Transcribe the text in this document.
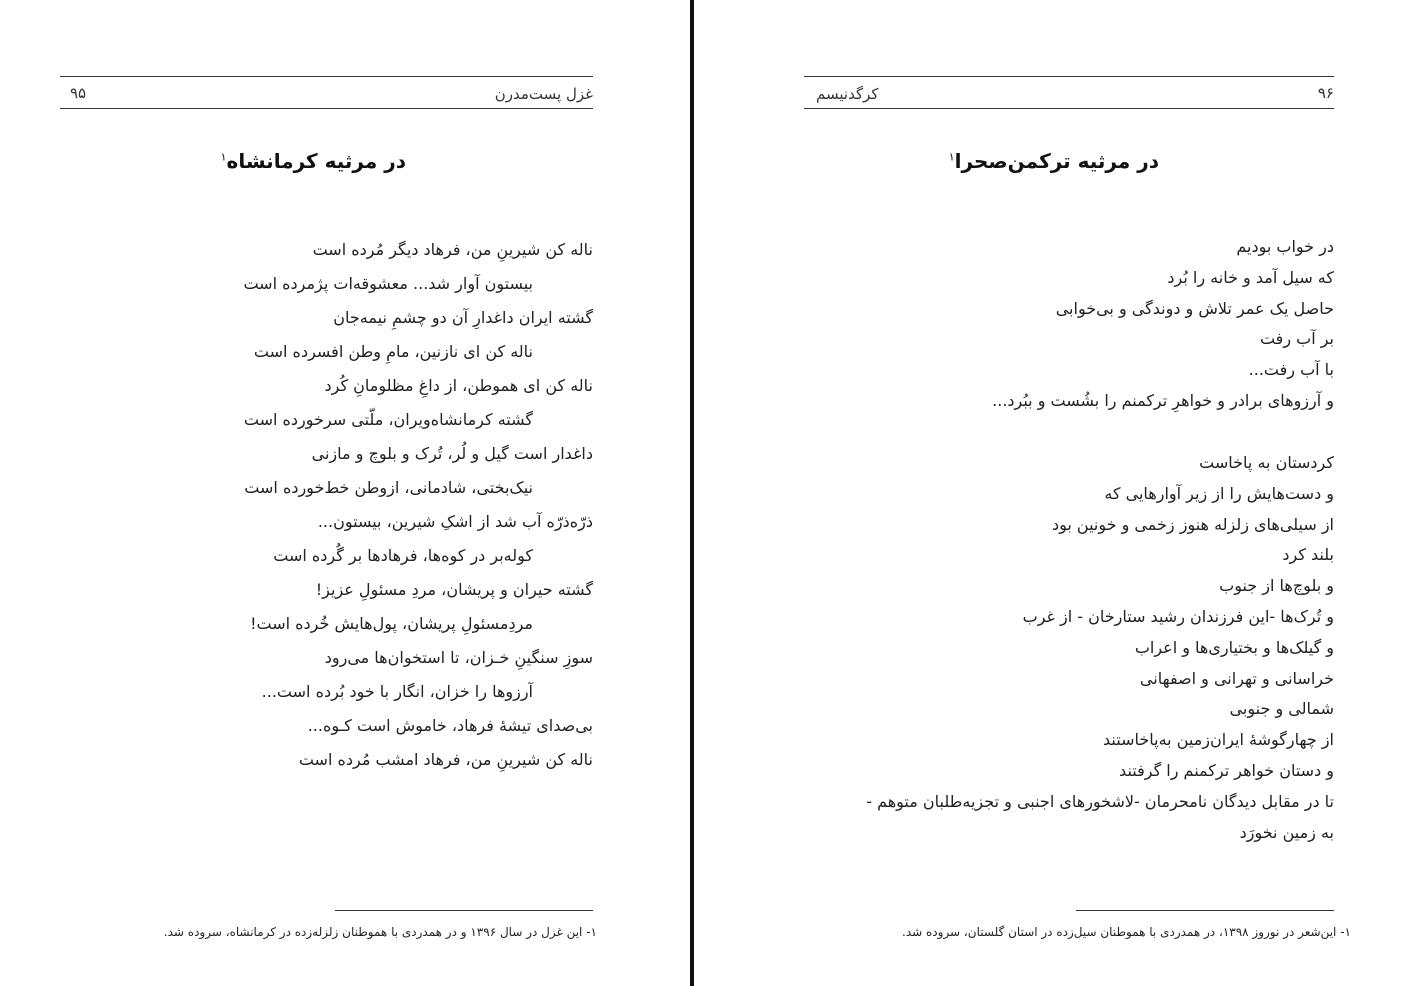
غزل پست‌مدرن
۹۵
در مرثیه کرمانشاه$^۱$
ناله کن شیرینِ من، فرهاد دیگر مُرده است
بیستون آوار شد... معشوقه‌ات پژمرده است
گشته ایران داغدارِ آن دو چشمِ نیمه‌جان
ناله کن ای نازنین، مامِ وطن افسرده است
ناله کن ای هموطن، از داغِ مظلومانِ کُرد
گشته کرمانشاه‌ویران، ملّتی سرخورده است
داغدار است گیل و لُر، تُرک و بلوچ و مازنی
نیک‌بختی، شادمانی، ازوطن خط‌خورده است
ذرّه‌ذرّه آب شد از اشکِ شیرین، بیستون...
کوله‌بر در کوه‌ها، فرهادها بر گُرده است
گشته حیران و پریشان، مردِ مسئولِ عزیز!
مردِمسئولِ پریشان، پول‌هایش خُرده است!
سوزِ سنگینِ خـزان، تا استخوان‌ها می‌رود
آرزوها را خزان، انگار با خود بُرده است...
بی‌صدای تیشهٔ فرهاد، خاموش است کـوه...
ناله کن شیرینِ من، فرهاد امشب مُرده است
۱- این غزل در سال ۱۳۹۶ و در همدردی با هموطنان زلزله‌زده در کرمانشاه، سروده شد.
کرگدنیسم	۹۶
در مرثیه ترکمن‌صحرا$^۱$
در خواب بودیم
که سیل آمد و خانه را بُرد
حاصل یک عمر تلاش و دوندگی و بی‌خوابی
بر آب رفت
با آب رفت...
و آرزوهای برادر و خواهرِ ترکمنم را بشُست و ببُرد...
کردستان به پاخاست
و دست‌هایش را از زیر آوارهایی که
از سیلی‌های زلزله هنوز زخمی و خونین بود
بلند کرد
و بلوچ‌ها از جنوب
و تُرک‌ها -این فرزندان رشید ستارخان - از غرب
و گیلک‌ها و بختیاری‌ها و اعراب
خراسانی و تهرانی و اصفهانی
شمالی و جنوبی
از چهارگوشهٔ ایران‌زمین به‌پاخاستند
و دستان خواهر ترکمنم را گرفتند
تا در مقابل دیدگان نامحرمان -لاشخورهای اجنبی و تجزیه‌طلبان متوهم -
به زمین نخورَد
۱- این‌شعر در نوروز ۱۳۹۸، در همدردی با هموطنان سیل‌زده در استان گلستان، سروده شد.
